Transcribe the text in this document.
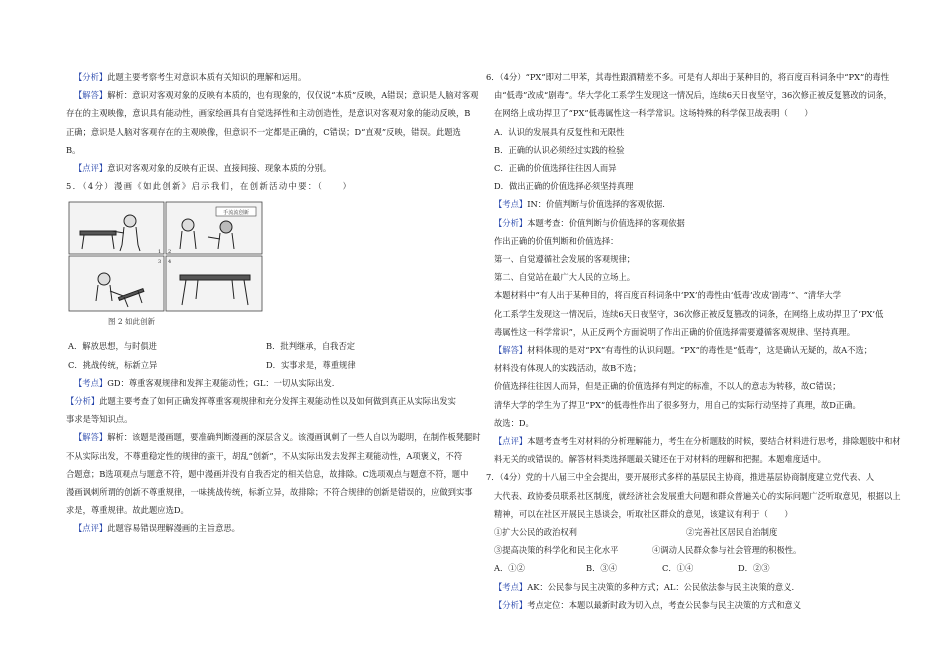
【分析】此题主要考察考生对意识本质有关知识的理解和运用。

【解答】解析：意识对客观对象的反映有本质的，也有现象的，仅仅说“本质”反映，A错误；意识是人脑对客观

存在的主观映像，意识具有能动性，画家绘画具有自觉选择性和主动创造性，是意识对客观对象的能动反映，B

正确；意识是人脑对客观存在的主观映像，但意识不一定都是正确的，C错误；D“直观”反映，错误。此题选

B。

【点评】意识对客观对象的反映有正误、直接间接、现象本质的分别。

5．（4分）漫画《如此创新》启示我们，在创新活动中要：（　　）

手流流创新
1 2
3 4
图 2 如此创新
A．解放思想，与时俱进	B．批判继承，自我否定
C．挑战传统，标新立异	D．实事求是，尊重规律

【考点】GD：尊重客观规律和发挥主观能动性；GL：一切从实际出发.

【分析】此题主要考查了如何正确发挥尊重客观规律和充分发挥主观能动性以及如何做到真正从实际出发实

事求是等知识点。

【解答】解析：该题是漫画题，要准确判断漫画的深层含义。该漫画讽刺了一些人自以为聪明，在制作板凳腿时

不从实际出发，不尊重稳定性的规律的蛮干，胡乱“创新”，不从实际出发去发挥主观能动性，A项褒义，不符

合题意；B选项观点与题意不符，题中漫画并没有自我否定的相关信息，故排除。C选项观点与题意不符，题中

漫画讽刺所谓的创新不尊重规律，一味挑战传统，标新立异，故排除；不符合规律的创新是错误的，应做到实事

求是，尊重规律。故此题应选D。

【点评】此题容易错误理解漫画的主旨意思。

6．（4分）“PX”即对二甲苯，其毒性跟酒精差不多。可是有人却出于某种目的，将百度百科词条中“PX”的毒性

由“低毒”改成“剧毒”。华大学化工系学生发现这一情况后，连续6天日夜坚守，36次修正被反复篡改的词条，

在网络上成功捍卫了“PX”低毒属性这一科学常识。这场特殊的科学保卫战表明（　　）

A．认识的发展具有反复性和无限性

B．正确的认识必须经过实践的检验

C．正确的价值选择往往因人而异

D．做出正确的价值选择必须坚持真理

【考点】IN：价值判断与价值选择的客观依据.

【分析】本题考查：价值判断与价值选择的客观依据

作出正确的价值判断和价值选择：

第一、自觉遵循社会发展的客观规律；

第二、自觉站在最广大人民的立场上。

本题材料中“有人出于某种目的，将百度百科词条中‘PX’的毒性由‘低毒’改成‘剧毒’”、“清华大学

化工系学生发现这一情况后，连续6天日夜坚守，36次修正被反复篡改的词条，在网络上成功捍卫了‘PX’低

毒属性这一科学常识”，从正反两个方面说明了作出正确的价值选择需要遵循客观规律、坚持真理。

【解答】材料体现的是对“PX”有毒性的认识问题。“PX”的毒性是“低毒”，这是确认无疑的，故A不选；

材料没有体现人的实践活动，故B不选；

价值选择往往因人而异，但是正确的价值选择有判定的标准，不以人的意志为转移，故C错误；

清华大学的学生为了捍卫“PX”的低毒性作出了很多努力，用自己的实际行动坚持了真理，故D正确。

故选：D。

【点评】本题考查考生对材料的分析理解能力，考生在分析题肢的时候，要结合材料进行思考，排除题肢中和材

料无关的或错误的。解答材料类选择题最关键还在于对材料的理解和把握。本题难度适中。

7．（4分）党的十八届三中全会提出，要开展形式多样的基层民主协商，推进基层协商制度建立党代表、人

大代表、政协委员联系社区制度，就经济社会发展重大问题和群众普遍关心的实际问题广泛听取意见，根据以上

精神，可以在社区开展民主恳谈会，听取社区群众的意见，该建议有利于（　　）

①扩大公民的政治权利	②完善社区居民自治制度
③提高决策的科学化和民主化水平	④调动人民群众参与社会管理的积极性。
A．①②	B．③④	C．①④	D．②③

【考点】AK：公民参与民主决策的多种方式；AL：公民依法参与民主决策的意义.

【分析】考点定位：本题以最新时政为切入点，考查公民参与民主决策的方式和意义
